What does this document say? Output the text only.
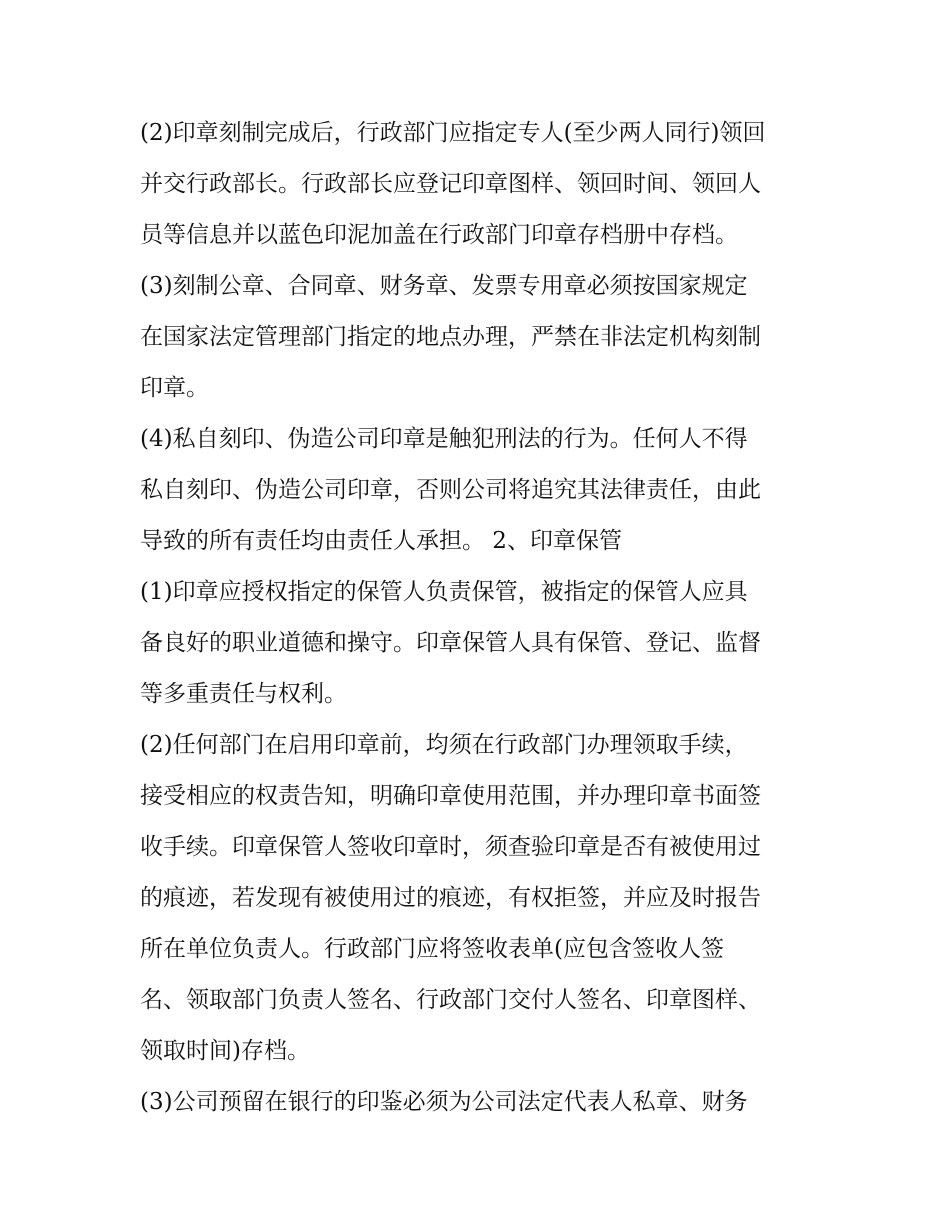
(2)印章刻制完成后，行政部门应指定专人(至少两人同行)领回
并交行政部长。行政部长应登记印章图样、领回时间、领回人
员等信息并以蓝色印泥加盖在行政部门印章存档册中存档。
(3)刻制公章、合同章、财务章、发票专用章必须按国家规定
在国家法定管理部门指定的地点办理，严禁在非法定机构刻制
印章。
(4)私自刻印、伪造公司印章是触犯刑法的行为。任何人不得
私自刻印、伪造公司印章，否则公司将追究其法律责任，由此
导致的所有责任均由责任人承担。 2、印章保管
(1)印章应授权指定的保管人负责保管，被指定的保管人应具
备良好的职业道德和操守。印章保管人具有保管、登记、监督
等多重责任与权利。
(2)任何部门在启用印章前，均须在行政部门办理领取手续，
接受相应的权责告知，明确印章使用范围，并办理印章书面签
收手续。印章保管人签收印章时，须查验印章是否有被使用过
的痕迹，若发现有被使用过的痕迹，有权拒签，并应及时报告
所在单位负责人。行政部门应将签收表单(应包含签收人签
名、领取部门负责人签名、行政部门交付人签名、印章图样、
领取时间)存档。
(3)公司预留在银行的印鉴必须为公司法定代表人私章、财务
